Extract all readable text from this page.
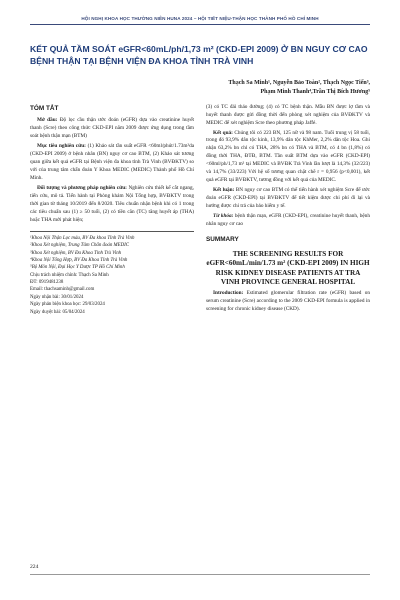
HỘI NGHỊ KHOA HỌC THƯỜNG NIÊN HUNA 2024 – HỘI TIẾT NIỆU-THẬN HỌC THÀNH PHỐ HỒ CHÍ MINH
KẾT QUẢ TẦM SOÁT eGFR<60mL/ph/1,73 m² (CKD-EPI 2009) Ở BN NGUY CƠ CAO BỆNH THẬN TẠI BỆNH VIỆN ĐA KHOA TỈNH TRÀ VINH
Thạch Sa Minh¹, Nguyễn Bảo Toàn², Thạch Ngọc Tiến³,
Phạm Minh Thanh⁴,Trần Thị Bích Hương⁵
TÓM TẮT

Mở đầu: Độ lọc cầu thận ước đoán (eGFR) dựa vào creatinine huyết thanh (Scre) theo công thức CKD-EPI năm 2009 được ứng dụng trong tầm soát bệnh thận mạn (BTM)

Mục tiêu nghiên cứu: (1) Khảo sát tần suất eGFR <60ml/phút/1.73m²da (CKD-EPI 2009) ở bệnh nhân (BN) nguy cơ cao BTM, (2) Khảo sát tương quan giữa kết quả eGFR tại Bệnh viện đa khoa tỉnh Trà Vinh (BVĐKTV) so với của trung tâm chẩn đoán Y Khoa MEDIC (MEDIC) Thành phố Hồ Chí Minh.

Đối tượng và phương pháp nghiên cứu: Nghiên cứu thiết kế cắt ngang, tiến cứu, mô tả. Tiến hành tại Phòng khám Nội Tổng hợp, BVĐKTV trong thời gian từ tháng 10/2019 đến 8/2020. Tiêu chuẩn nhận bệnh khi có 1 trong các tiêu chuẩn sau (1) ≥ 50 tuổi, (2) có tiền căn (TC) tăng huyết áp (THA) hoặc THA mới phát hiện;

¹Khoa Nội Thận Lọc máu, BV Đa khoa Tỉnh Trà Vinh
²Khoa Xét nghiệm, Trung Tâm Chẩn đoán MEDIC
³Khoa Xét nghiệm, BV Đa Khoa Tỉnh Trà Vinh
⁴Khoa Nội Tổng Hợp, BV Đa Khoa Tỉnh Trà Vinh
⁵Bộ Môn Nội, Đại Học Y Dược TP Hồ Chí Minh
Chịu trách nhiệm chính: Thạch Sa Minh
ĐT: 0919481238
Email: thachsaminh@gmail.com
Ngày nhận bài: 30/01/2024
Ngày phản biện khoa học: 29/03/2024
Ngày duyệt bài: 05/04/2024

(3) có TC đái tháo đường; (4) có TC bệnh thận. Mẫu BN được lợ tầm và huyết thanh được gửi đồng thời đến phòng xét nghiệm của BVĐKTV và MEDIC để xét nghiệm Scre theo phương pháp Jaffé.

Kết quả: Chúng tôi có 223 BN, 125 nữ và 98 nam. Tuổi trung vị 58 tuổi, trong đó 93,9% dân tộc kinh, 13,9% dân tộc KhMer, 2,2% dân tộc Hoa. Ghi nhận 63,2% bn chỉ có THA, 28% bn có THA và BTM, có 4 bn (1,8%) có đồng thời THA, ĐTĐ, BTM. Tần suất BTM dựa vào eGFR (CKD-EPI)<60ml/ph/1,73 m² tại MEDIC và BVĐK Trà Vinh lần lượt là 14,3% (32/223) và 14,7% (33/223) Với hệ số tương quan chặt chẽ r = 0,956 (p<0,001), kết quả eGFR tại BVĐKTV, tương đồng với kết quả của MEDIC.

Kết luận: BN nguy cơ cao BTM có thể tiến hành xét nghiệm Scre để ước đoán eGFR (CKD-EPI) tại BVĐKTV để tiết kiệm được chi phí đi lại và hướng được chi trả của bảo hiểm y tế.

Từ khóa: bệnh thận mạn, eGFR (CKD-EPI), creatinine huyết thanh, bệnh nhân nguy cơ cao

SUMMARY
THE SCREENING RESULTS FOR eGFR<60mL/min/1.73 m² (CKD-EPI 2009) IN HIGH RISK KIDNEY DISEASE PATIENTS AT TRA VINH PROVINCE GENERAL HOSPITAL

Introduction: Estimated glomerular filtration rate (eGFR) based on serum creatinine (Scre) according to the 2009 CKD-EPI formula is applied in screening for chronic kidney disease (CKD).

224
